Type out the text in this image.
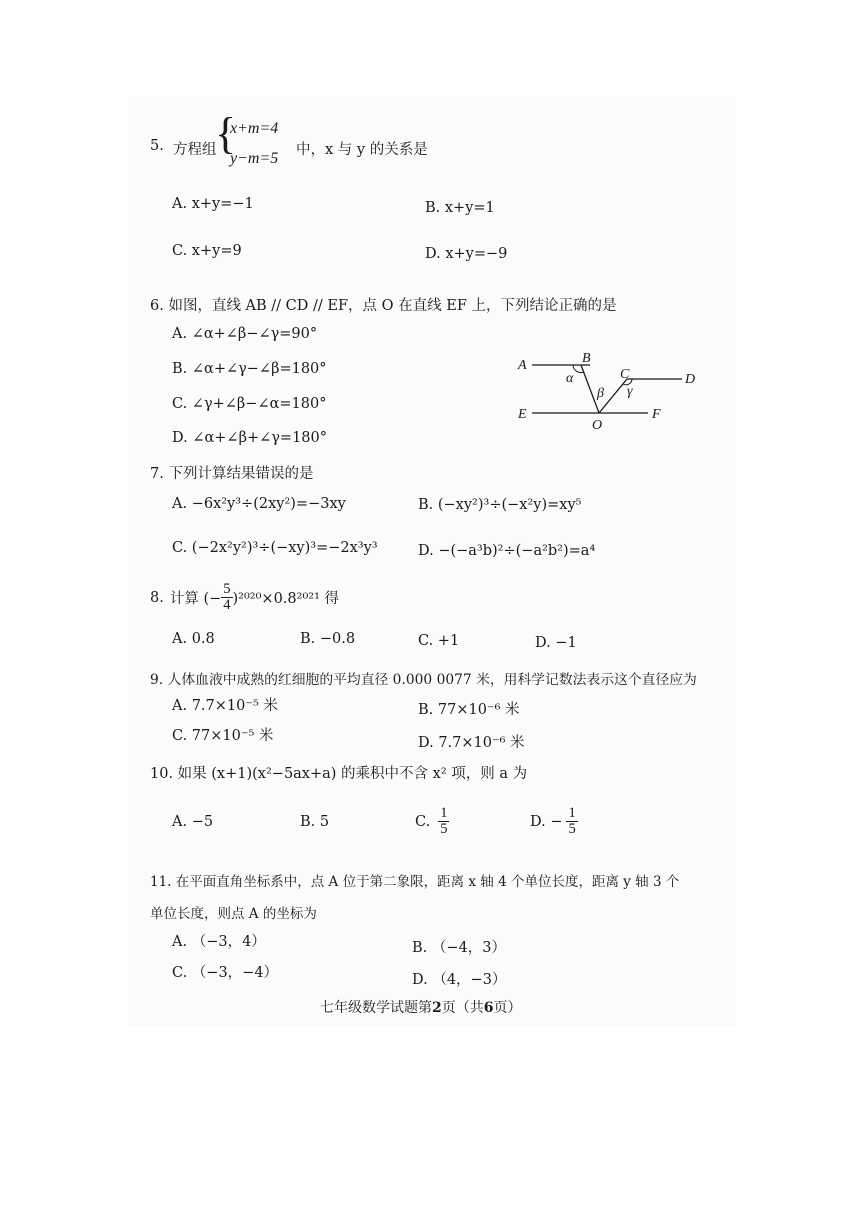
5. 方程组
{
x+m=4
y−m=5 中，x 与 y 的关系是
A. x+y=−1	B. x+y=1
C. x+y=9	D. x+y=−9
6. 如图，直线 AB // CD // EF，点 O 在直线 EF 上，下列结论正确的是
A. ∠α+∠β−∠γ=90°
B. ∠α+∠γ−∠β=180°
C. ∠γ+∠β−∠α=180°
D. ∠α+∠β+∠γ=180°
A	B
C	D
E	F
O
α
β γ
7. 下列计算结果错误的是
A. −6x²y³÷(2xy²)=−3xy	B. (−xy²)³÷(−x²y)=xy⁵
C. (−2x²y²)³÷(−xy)³=−2x³y³	D. −(−a³b)²÷(−a²b²)=a⁴
8. 计算 (− $\frac{5}{4} )^{2020}\times 0.8^{2021}$ 得
A. 0.8	B. −0.8	C. +1	D. −1
9. 人体血液中成熟的红细胞的平均直径 0.000 0077 米，用科学记数法表示这个直径应为
A. 7.7×10⁻⁵ 米	B. 77×10⁻⁶ 米
C. 77×10⁻⁵ 米	D. 7.7×10⁻⁶ 米
10. 如果 (x+1)(x²−5ax+a) 的乘积中不含 x² 项，则 a 为
A. −5	B. 5	C. $\frac{1}{5}$	D. − $\frac{1}{5}$
11. 在平面直角坐标系中，点 A 位于第二象限，距离 x 轴 4 个单位长度，距离 y 轴 3 个
单位长度，则点 A 的坐标为
A. （−3，4）	B. （−4，3）
C. （−3，−4）	D. （4，−3）
七年级数学试题第2页（共6页）
